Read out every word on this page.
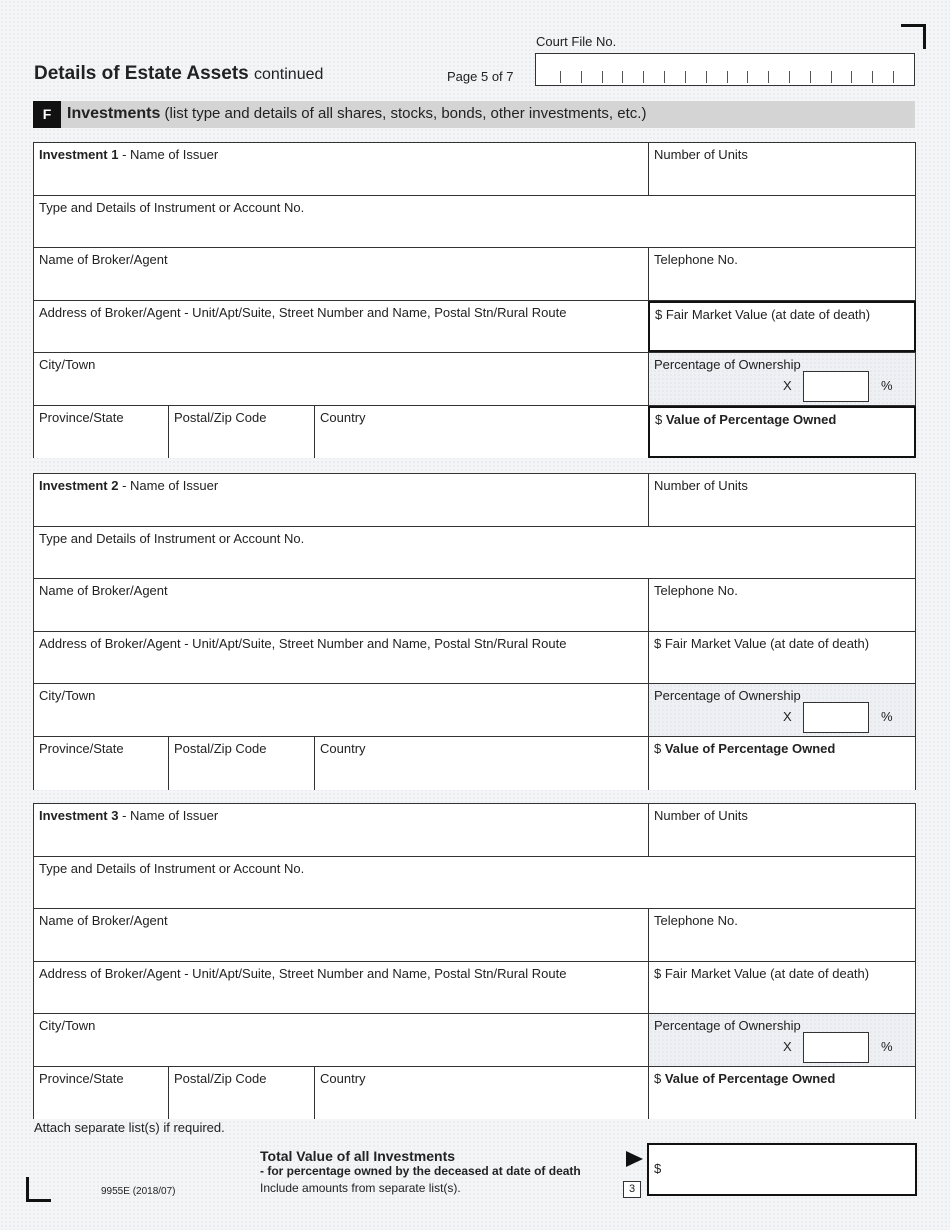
Court File No.
Details of Estate Assets continued	Page 5 of 7
F Investments (list type and details of all shares, stocks, bonds, other investments, etc.)
Investment 1 - Name of Issuer	Number of Units
Type and Details of Instrument or Account No.
Name of Broker/Agent	Telephone No.
Address of Broker/Agent - Unit/Apt/Suite, Street Number and Name, Postal Stn/Rural Route	$ Fair Market Value (at date of death)
City/Town	Percentage of Ownership
X	%
Province/State	Postal/Zip Code	Country	$ Value of Percentage Owned
Investment 2 - Name of Issuer	Number of Units
Type and Details of Instrument or Account No.
Name of Broker/Agent	Telephone No.
Address of Broker/Agent - Unit/Apt/Suite, Street Number and Name, Postal Stn/Rural Route	$ Fair Market Value (at date of death)
City/Town	Percentage of Ownership
X	%
Province/State	Postal/Zip Code	Country	$ Value of Percentage Owned
Investment 3 - Name of Issuer	Number of Units
Type and Details of Instrument or Account No.
Name of Broker/Agent	Telephone No.
Address of Broker/Agent - Unit/Apt/Suite, Street Number and Name, Postal Stn/Rural Route	$ Fair Market Value (at date of death)
City/Town	Percentage of Ownership
X	%
Province/State	Postal/Zip Code	Country	$ Value of Percentage Owned
Attach separate list(s) if required.
Total Value of all Investments
- for percentage owned by the deceased at date of death
Include amounts from separate list(s).	3
$
9955E (2018/07)
